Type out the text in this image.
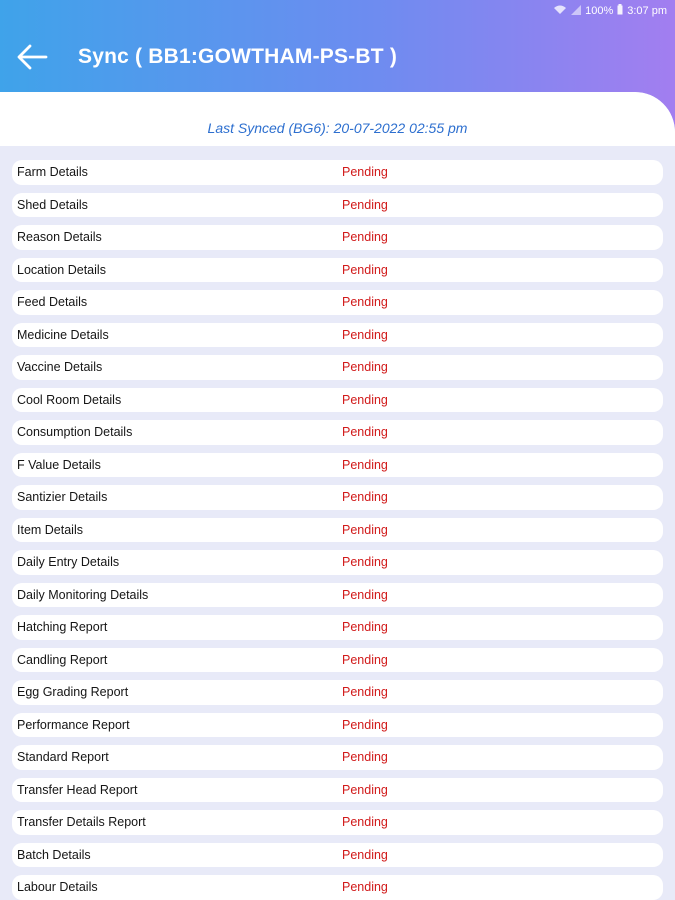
100% 3:07 pm
Sync ( BB1:GOWTHAM-PS-BT )
Last Synced (BG6): 20-07-2022 02:55 pm
Farm Details	Pending
Shed Details	Pending
Reason Details	Pending
Location Details	Pending
Feed Details	Pending
Medicine Details	Pending
Vaccine Details	Pending
Cool Room Details	Pending
Consumption Details	Pending
F Value Details	Pending
Santizier Details	Pending
Item Details	Pending
Daily Entry Details	Pending
Daily Monitoring Details	Pending
Hatching Report	Pending
Candling Report	Pending
Egg Grading Report	Pending
Performance Report	Pending
Standard Report	Pending
Transfer Head Report	Pending
Transfer Details Report	Pending
Batch Details	Pending
Labour Details	Pending
